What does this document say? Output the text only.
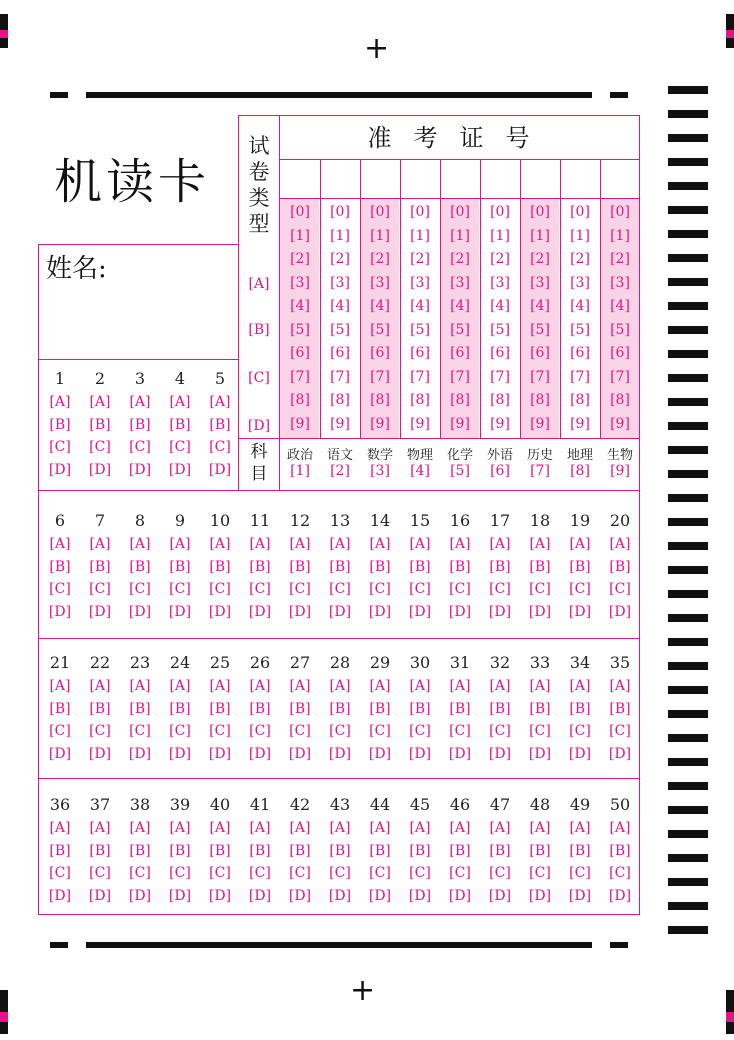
+
+
机读卡
姓名:
准考证号
试
卷
类
型
[A]
[B]
[C]
[D]
[0]
[1]
[2]
[3]
[4]
[5]
[6]
[7]
[8]
[9]
[0]
[1]
[2]
[3]
[4]
[5]
[6]
[7]
[8]
[9]
[0]
[1]
[2]
[3]
[4]
[5]
[6]
[7]
[8]
[9]
[0]
[1]
[2]
[3]
[4]
[5]
[6]
[7]
[8]
[9]
[0]
[1]
[2]
[3]
[4]
[5]
[6]
[7]
[8]
[9]
[0]
[1]
[2]
[3]
[4]
[5]
[6]
[7]
[8]
[9]
[0]
[1]
[2]
[3]
[4]
[5]
[6]
[7]
[8]
[9]
[0]
[1]
[2]
[3]
[4]
[5]
[6]
[7]
[8]
[9]
[0]
[1]
[2]
[3]
[4]
[5]
[6]
[7]
[8]
[9]
科
目
政治
[1]
语文
[2]
数学
[3]
物理
[4]
化学
[5]
外语
[6]
历史
[7]
地理
[8]
生物
[9]
1
[A]
[B]
[C]
[D]
2
[A]
[B]
[C]
[D]
3
[A]
[B]
[C]
[D]
4
[A]
[B]
[C]
[D]
5
[A]
[B]
[C]
[D]
6
[A]
[B]
[C]
[D]
7
[A]
[B]
[C]
[D]
8
[A]
[B]
[C]
[D]
9
[A]
[B]
[C]
[D]
10
[A]
[B]
[C]
[D]
11
[A]
[B]
[C]
[D]
12
[A]
[B]
[C]
[D]
13
[A]
[B]
[C]
[D]
14
[A]
[B]
[C]
[D]
15
[A]
[B]
[C]
[D]
16
[A]
[B]
[C]
[D]
17
[A]
[B]
[C]
[D]
18
[A]
[B]
[C]
[D]
19
[A]
[B]
[C]
[D]
20
[A]
[B]
[C]
[D]
21
[A]
[B]
[C]
[D]
22
[A]
[B]
[C]
[D]
23
[A]
[B]
[C]
[D]
24
[A]
[B]
[C]
[D]
25
[A]
[B]
[C]
[D]
26
[A]
[B]
[C]
[D]
27
[A]
[B]
[C]
[D]
28
[A]
[B]
[C]
[D]
29
[A]
[B]
[C]
[D]
30
[A]
[B]
[C]
[D]
31
[A]
[B]
[C]
[D]
32
[A]
[B]
[C]
[D]
33
[A]
[B]
[C]
[D]
34
[A]
[B]
[C]
[D]
35
[A]
[B]
[C]
[D]
36
[A]
[B]
[C]
[D]
37
[A]
[B]
[C]
[D]
38
[A]
[B]
[C]
[D]
39
[A]
[B]
[C]
[D]
40
[A]
[B]
[C]
[D]
41
[A]
[B]
[C]
[D]
42
[A]
[B]
[C]
[D]
43
[A]
[B]
[C]
[D]
44
[A]
[B]
[C]
[D]
45
[A]
[B]
[C]
[D]
46
[A]
[B]
[C]
[D]
47
[A]
[B]
[C]
[D]
48
[A]
[B]
[C]
[D]
49
[A]
[B]
[C]
[D]
50
[A]
[B]
[C]
[D]
